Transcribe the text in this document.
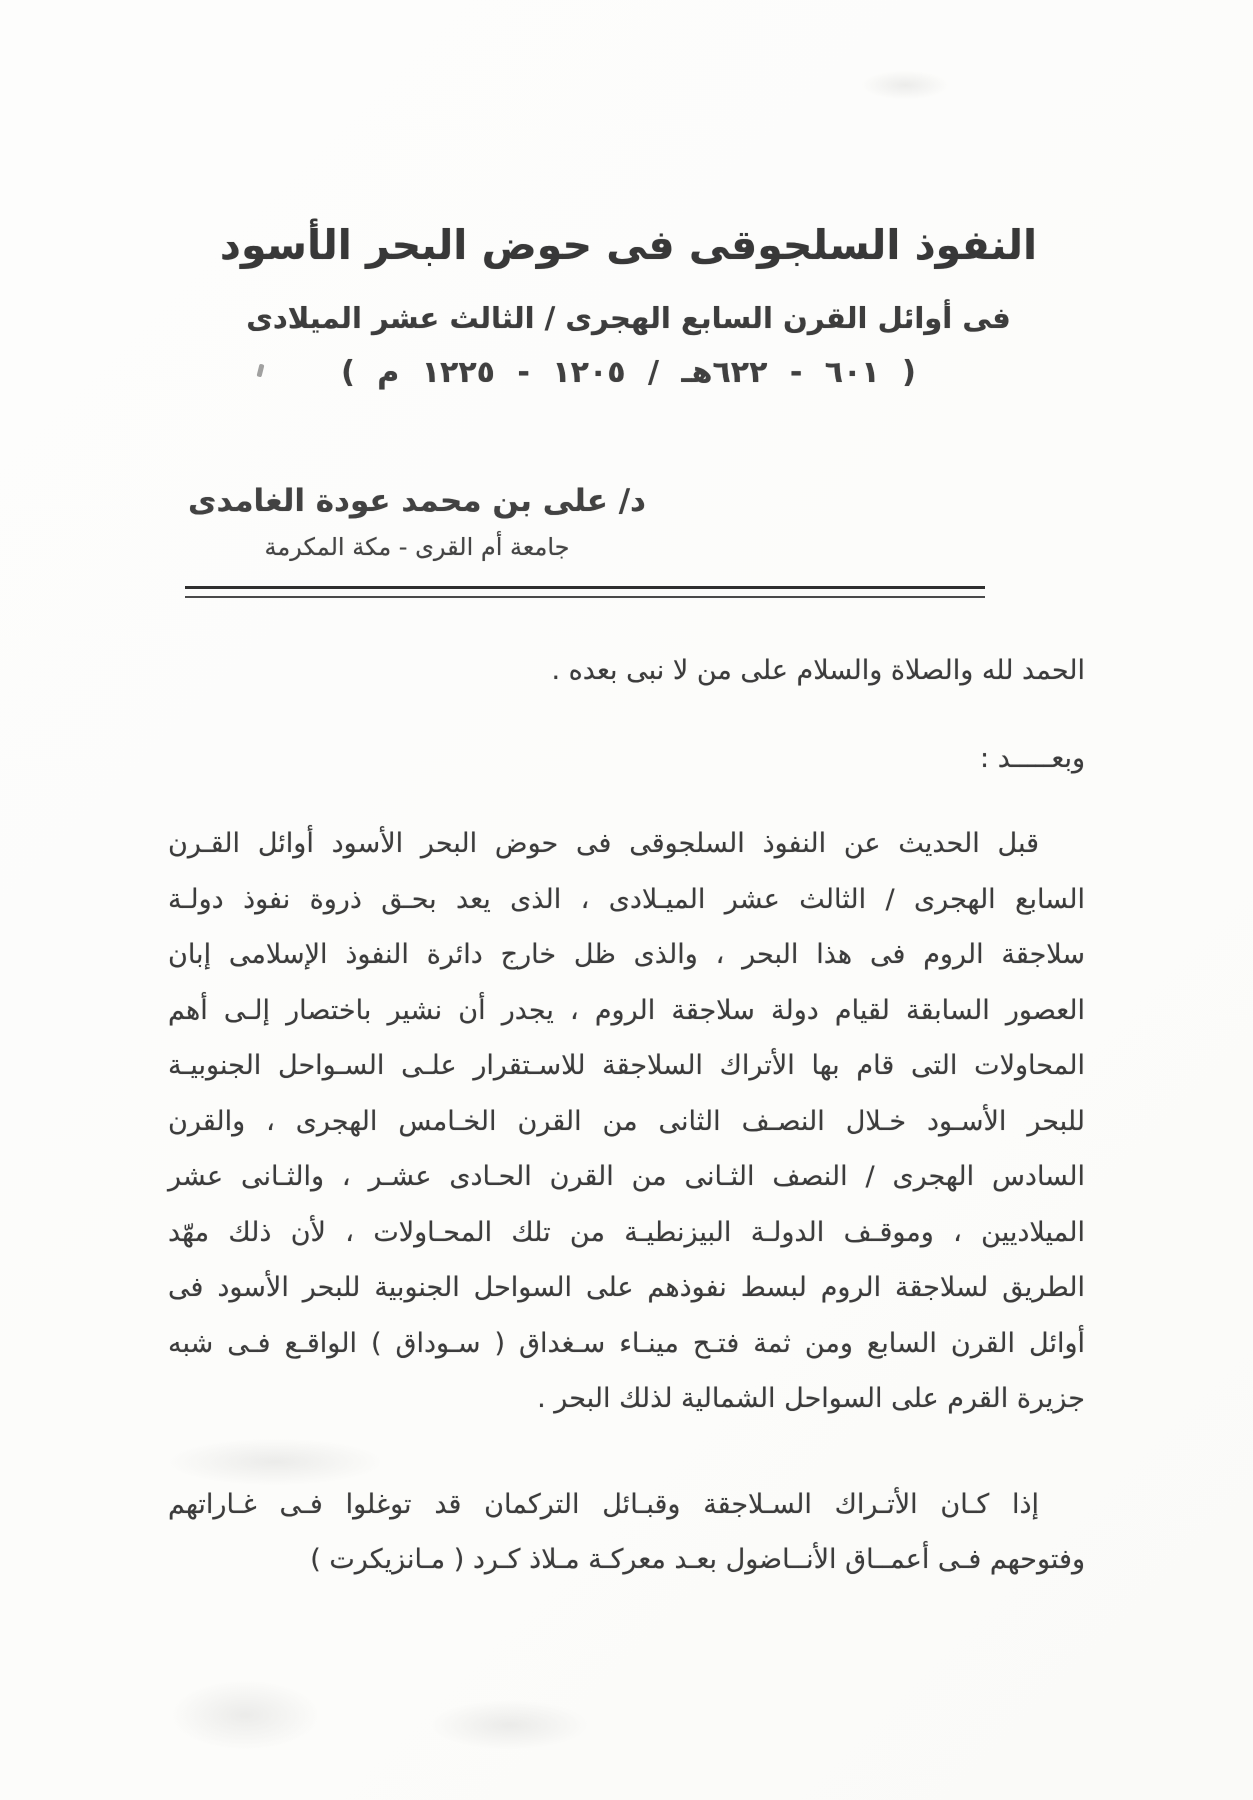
النفوذ السلجوقى فى حوض البحر الأسود
فى أوائل القرن السابع الهجرى / الثالث عشر الميلادى
( ٦٠١ - ٦٢٢هـ / ١٢٠٥ - ١٢٢٥ م )
د/ على بن محمد عودة الغامدى
جامعة أم القرى - مكة المكرمة
الحمد لله والصلاة والسلام على من لا نبى بعده .
وبعـــــد :
قبل الحديث عن النفوذ السلجوقى فى حوض البحر الأسود أوائل القـرن
السابع الهجرى / الثالث عشر الميـلادى ، الذى يعد بحـق ذروة نفوذ دولـة
سلاجقة الروم فى هذا البحر ، والذى ظل خارج دائرة النفوذ الإسلامى إبان
العصور السابقة لقيام دولة سلاجقة الروم ، يجدر أن نشير باختصار إلـى أهم
المحاولات التى قام بها الأتراك السلاجقة للاسـتقرار علـى السـواحل الجنوبيـة
للبحر الأسـود خـلال النصـف الثانى من القرن الخـامس الهجرى ، والقرن
السادس الهجرى / النصف الثـانى من القرن الحـادى عشـر ، والثـانى عشر
الميلاديين ، وموقـف الدولـة البيزنطيـة من تلك المحـاولات ، لأن ذلك مهّد
الطريق لسلاجقة الروم لبسط نفوذهم على السواحل الجنوبية للبحر الأسود فى
أوائل القرن السابع ومن ثمة فتـح مينـاء سـغداق ( سـوداق ) الواقـع فـى شبه
جزيرة القرم على السواحل الشمالية لذلك البحر .
إذا كـان الأتـراك السـلاجقة وقبـائل التركمان قد توغلوا فـى غـاراتهم
وفتوحهم فـى أعمــاق الأنــاضول بعـد معركـة مـلاذ كـرد ( مـانزيكرت )
